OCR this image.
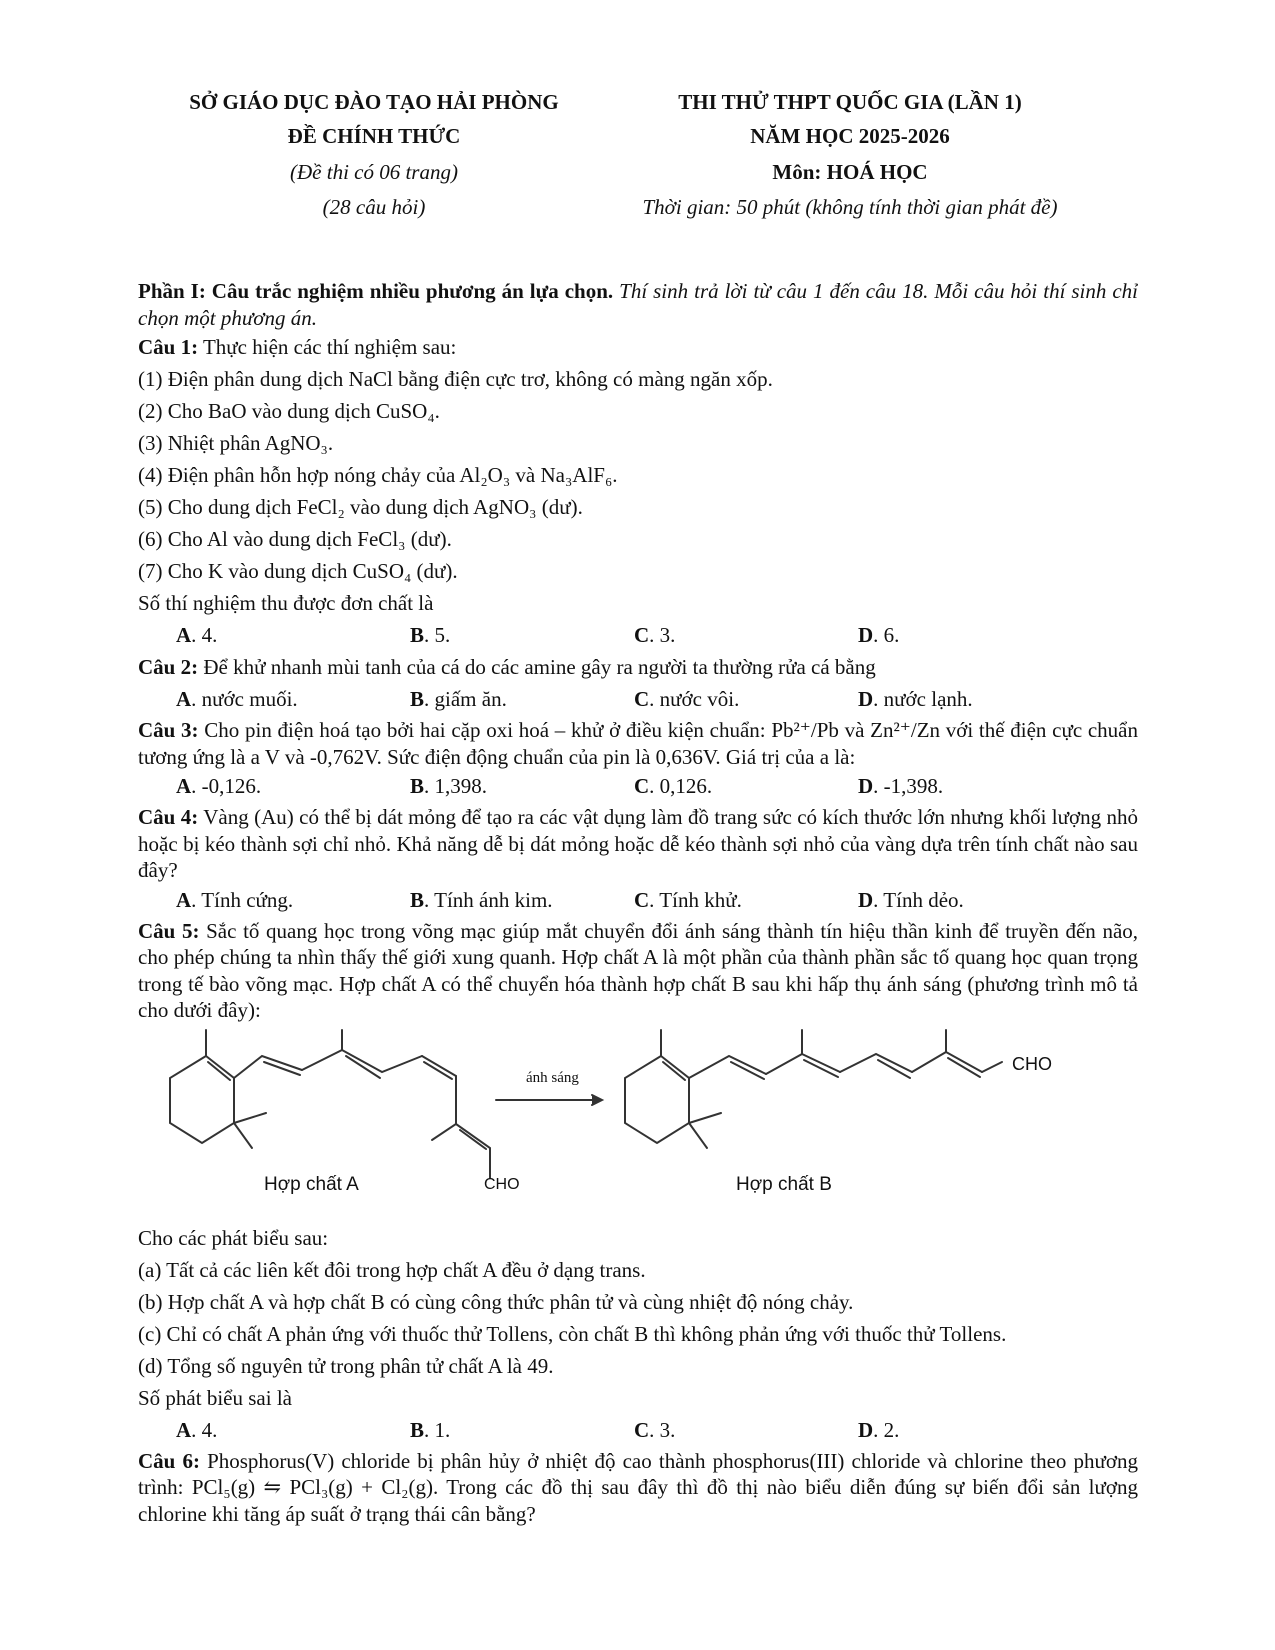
SỞ GIÁO DỤC ĐÀO TẠO HẢI PHÒNG
ĐỀ CHÍNH THỨC
(Đề thi có 06 trang)
(28 câu hỏi)
THI THỬ THPT QUỐC GIA (LẦN 1)
NĂM HỌC 2025-2026
Môn: HOÁ HỌC
Thời gian: 50 phút (không tính thời gian phát đề)

Phần I: Câu trắc nghiệm nhiều phương án lựa chọn. Thí sinh trả lời từ câu 1 đến câu 18. Mỗi câu hỏi thí sinh chỉ chọn một phương án.

Câu 1: Thực hiện các thí nghiệm sau:
(1) Điện phân dung dịch NaCl bằng điện cực trơ, không có màng ngăn xốp.
(2) Cho BaO vào dung dịch CuSO₄.
(3) Nhiệt phân AgNO₃.
(4) Điện phân hỗn hợp nóng chảy của Al₂O₃ và Na₃AlF₆.
(5) Cho dung dịch FeCl₂ vào dung dịch AgNO₃ (dư).
(6) Cho Al vào dung dịch FeCl₃ (dư).
(7) Cho K vào dung dịch CuSO₄ (dư).
Số thí nghiệm thu được đơn chất là
A. 4.	B. 5.	C. 3.	D. 6.
Câu 2: Để khử nhanh mùi tanh của cá do các amine gây ra người ta thường rửa cá bằng
A. nước muối.	B. giấm ăn.	C. nước vôi.	D. nước lạnh.

Câu 3: Cho pin điện hoá tạo bởi hai cặp oxi hoá – khử ở điều kiện chuẩn: Pb²⁺/Pb và Zn²⁺/Zn với thế điện cực chuẩn tương ứng là a V và -0,762V. Sức điện động chuẩn của pin là 0,636V. Giá trị của a là:

A. -0,126.	B. 1,398.	C. 0,126.	D. -1,398.

Câu 4: Vàng (Au) có thể bị dát mỏng để tạo ra các vật dụng làm đồ trang sức có kích thước lớn nhưng khối lượng nhỏ hoặc bị kéo thành sợi chỉ nhỏ. Khả năng dễ bị dát mỏng hoặc dễ kéo thành sợi nhỏ của vàng dựa trên tính chất nào sau đây?

A. Tính cứng.	B. Tính ánh kim.	C. Tính khử.	D. Tính dẻo.

Câu 5: Sắc tố quang học trong võng mạc giúp mắt chuyển đổi ánh sáng thành tín hiệu thần kinh để truyền đến não, cho phép chúng ta nhìn thấy thế giới xung quanh. Hợp chất A là một phần của thành phần sắc tố quang học quan trọng trong tế bào võng mạc. Hợp chất A có thể chuyển hóa thành hợp chất B sau khi hấp thụ ánh sáng (phương trình mô tả cho dưới đây):

ánh sáng
Hợp chất A	CHO	Hợp chất B
CHO
Cho các phát biểu sau:
(a) Tất cả các liên kết đôi trong hợp chất A đều ở dạng trans.
(b) Hợp chất A và hợp chất B có cùng công thức phân tử và cùng nhiệt độ nóng chảy.
(c) Chỉ có chất A phản ứng với thuốc thử Tollens, còn chất B thì không phản ứng với thuốc thử Tollens.
(d) Tổng số nguyên tử trong phân tử chất A là 49.
Số phát biểu sai là
A. 4.	B. 1.	C. 3.	D. 2.

Câu 6: Phosphorus(V) chloride bị phân hủy ở nhiệt độ cao thành phosphorus(III) chloride và chlorine theo phương trình: PCl₅(g) ⇋ PCl₃(g) + Cl₂(g). Trong các đồ thị sau đây thì đồ thị nào biểu diễn đúng sự biến đổi sản lượng chlorine khi tăng áp suất ở trạng thái cân bằng?
